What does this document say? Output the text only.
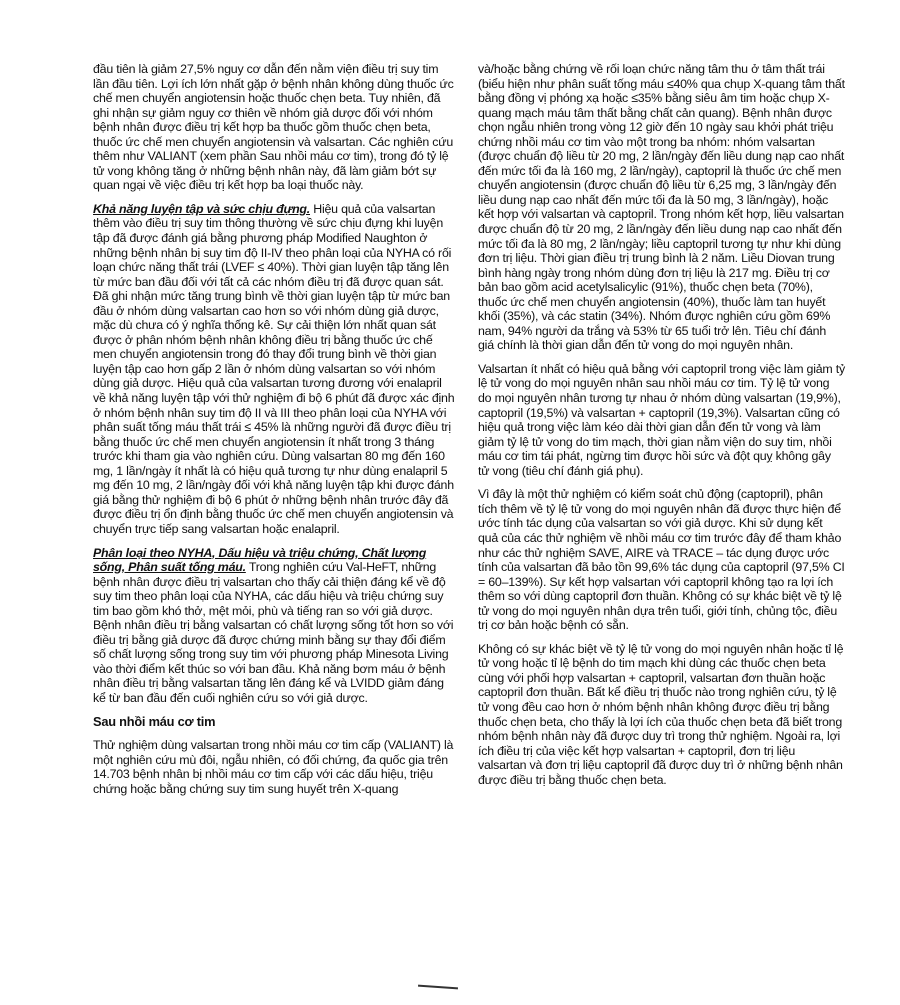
đầu tiên là giảm 27,5% nguy cơ dẫn đến nằm viện điều trị suy tim lần đầu tiên. Lợi ích lớn nhất gặp ở bệnh nhân không dùng thuốc ức chế men chuyển angiotensin hoặc thuốc chẹn beta. Tuy nhiên, đã ghi nhận sự giảm nguy cơ thiên về nhóm giả dược đối với nhóm bệnh nhân được điều trị kết hợp ba thuốc gồm thuốc chẹn beta, thuốc ức chế men chuyển angiotensin và valsartan. Các nghiên cứu thêm như VALIANT (xem phần Sau nhồi máu cơ tim), trong đó tỷ lệ tử vong không tăng ở những bệnh nhân này, đã làm giảm bớt sự quan ngại về việc điều trị kết hợp ba loại thuốc này.

Khả năng luyện tập và sức chịu đựng. Hiệu quả của valsartan thêm vào điều trị suy tim thông thường về sức chịu đựng khi luyện tập đã được đánh giá bằng phương pháp Modified Naughton ở những bệnh nhân bị suy tim độ II-IV theo phân loại của NYHA có rối loạn chức năng thất trái (LVEF ≤ 40%). Thời gian luyện tập tăng lên từ mức ban đầu đối với tất cả các nhóm điều trị đã được quan sát. Đã ghi nhận mức tăng trung bình về thời gian luyện tập từ mức ban đầu ở nhóm dùng valsartan cao hơn so với nhóm dùng giả dược, mặc dù chưa có ý nghĩa thống kê. Sự cải thiện lớn nhất quan sát được ở phân nhóm bệnh nhân không điều trị bằng thuốc ức chế men chuyển angiotensin trong đó thay đổi trung bình về thời gian luyện tập cao hơn gấp 2 lần ở nhóm dùng valsartan so với nhóm dùng giả dược. Hiệu quả của valsartan tương đương với enalapril về khả năng luyện tập với thử nghiệm đi bộ 6 phút đã được xác định ở nhóm bệnh nhân suy tim độ II và III theo phân loại của NYHA với phân suất tống máu thất trái ≤ 45% là những người đã được điều trị bằng thuốc ức chế men chuyển angiotensin ít nhất trong 3 tháng trước khi tham gia vào nghiên cứu. Dùng valsartan 80 mg đến 160 mg, 1 lần/ngày ít nhất là có hiệu quả tương tự như dùng enalapril 5 mg đến 10 mg, 2 lần/ngày đối với khả năng luyện tập khi được đánh giá bằng thử nghiệm đi bộ 6 phút ở những bệnh nhân trước đây đã được điều trị ổn định bằng thuốc ức chế men chuyển angiotensin và chuyển trực tiếp sang valsartan hoặc enalapril.

Phân loại theo NYHA, Dấu hiệu và triệu chứng, Chất lượng sống, Phân suất tống máu. Trong nghiên cứu Val-HeFT, những bệnh nhân được điều trị valsartan cho thấy cải thiện đáng kể về độ suy tim theo phân loại của NYHA, các dấu hiệu và triệu chứng suy tim bao gồm khó thở, mệt mỏi, phù và tiếng ran so với giả dược. Bệnh nhân điều trị bằng valsartan có chất lượng sống tốt hơn so với điều trị bằng giả dược đã được chứng minh bằng sự thay đổi điểm số chất lượng sống trong suy tim với phương pháp Minesota Living vào thời điểm kết thúc so với ban đầu. Khả năng bơm máu ở bệnh nhân điều trị bằng valsartan tăng lên đáng kể và LVIDD giảm đáng kể từ ban đầu đến cuối nghiên cứu so với giả dược.

Sau nhồi máu cơ tim

Thử nghiệm dùng valsartan trong nhồi máu cơ tim cấp (VALIANT) là một nghiên cứu mù đôi, ngẫu nhiên, có đối chứng, đa quốc gia trên 14.703 bệnh nhân bị nhồi máu cơ tim cấp với các dấu hiệu, triệu chứng hoặc bằng chứng suy tim sung huyết trên X-quang

và/hoặc bằng chứng về rối loạn chức năng tâm thu ở tâm thất trái (biểu hiện như phân suất tống máu ≤40% qua chụp X-quang tâm thất bằng đồng vị phóng xạ hoặc ≤35% bằng siêu âm tim hoặc chụp X-quang mạch máu tâm thất bằng chất cản quang). Bệnh nhân được chọn ngẫu nhiên trong vòng 12 giờ đến 10 ngày sau khởi phát triệu chứng nhồi máu cơ tim vào một trong ba nhóm: nhóm valsartan (được chuẩn độ liều từ 20 mg, 2 lần/ngày đến liều dung nạp cao nhất đến mức tối đa là 160 mg, 2 lần/ngày), captopril là thuốc ức chế men chuyển angiotensin (được chuẩn độ liều từ 6,25 mg, 3 lần/ngày đến liều dung nạp cao nhất đến mức tối đa là 50 mg, 3 lần/ngày), hoặc kết hợp với valsartan và captopril. Trong nhóm kết hợp, liều valsartan được chuẩn độ từ 20 mg, 2 lần/ngày đến liều dung nạp cao nhất đến mức tối đa là 80 mg, 2 lần/ngày; liều captopril tương tự như khi dùng đơn trị liệu. Thời gian điều trị trung bình là 2 năm. Liều Diovan trung bình hàng ngày trong nhóm dùng đơn trị liệu là 217 mg. Điều trị cơ bản bao gồm acid acetylsalicylic (91%), thuốc chẹn beta (70%), thuốc ức chế men chuyển angiotensin (40%), thuốc làm tan huyết khối (35%), và các statin (34%). Nhóm được nghiên cứu gồm 69% nam, 94% người da trắng và 53% từ 65 tuổi trở lên. Tiêu chí đánh giá chính là thời gian dẫn đến tử vong do mọi nguyên nhân.

Valsartan ít nhất có hiệu quả bằng với captopril trong việc làm giảm tỷ lệ tử vong do mọi nguyên nhân sau nhồi máu cơ tim. Tỷ lệ tử vong do mọi nguyên nhân tương tự nhau ở nhóm dùng valsartan (19,9%), captopril (19,5%) và valsartan + captopril (19,3%). Valsartan cũng có hiệu quả trong việc làm kéo dài thời gian dẫn đến tử vong và làm giảm tỷ lệ tử vong do tim mạch, thời gian nằm viện do suy tim, nhồi máu cơ tim tái phát, ngừng tim được hồi sức và đột quỵ không gây tử vong (tiêu chí đánh giá phụ).

Vì đây là một thử nghiệm có kiểm soát chủ động (captopril), phân tích thêm về tỷ lệ tử vong do mọi nguyên nhân đã được thực hiện để ước tính tác dụng của valsartan so với giả dược. Khi sử dụng kết quả của các thử nghiệm về nhồi máu cơ tim trước đây để tham khảo như các thử nghiệm SAVE, AIRE và TRACE – tác dụng được ước tính của valsartan đã bảo tồn 99,6% tác dụng của captopril (97,5% CI = 60–139%). Sự kết hợp valsartan với captopril không tạo ra lợi ích thêm so với dùng captopril đơn thuần. Không có sự khác biệt về tỷ lệ tử vong do mọi nguyên nhân dựa trên tuổi, giới tính, chủng tộc, điều trị cơ bản hoặc bệnh có sẵn.

Không có sự khác biệt về tỷ lệ tử vong do mọi nguyên nhân hoặc tỉ lệ tử vong hoặc tỉ lệ bệnh do tim mạch khi dùng các thuốc chẹn beta cùng với phối hợp valsartan + captopril, valsartan đơn thuần hoặc captopril đơn thuần. Bất kể điều trị thuốc nào trong nghiên cứu, tỷ lệ tử vong đều cao hơn ở nhóm bệnh nhân không được điều trị bằng thuốc chẹn beta, cho thấy là lợi ích của thuốc chẹn beta đã biết trong nhóm bệnh nhân này đã được duy trì trong thử nghiệm. Ngoài ra, lợi ích điều trị của việc kết hợp valsartan + captopril, đơn trị liệu valsartan và đơn trị liệu captopril đã được duy trì ở những bệnh nhân được điều trị bằng thuốc chẹn beta.
